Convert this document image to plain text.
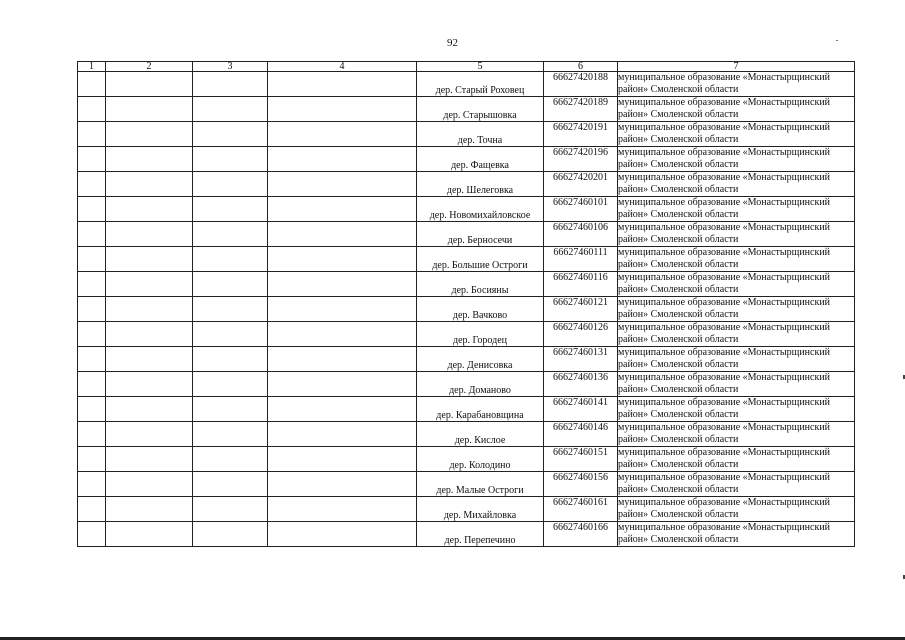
92
1	2	3	4	5	6	7
				дер. Старый Роховец	66627420188	муниципальное образование «Монастырщинский
район» Смоленской области

				дер. Старышовка	66627420189	муниципальное образование «Монастырщинский
район» Смоленской области

				дер. Точна	66627420191	муниципальное образование «Монастырщинский
район» Смоленской области

				дер. Фащевка	66627420196	муниципальное образование «Монастырщинский
район» Смоленской области

				дер. Шелеговка	66627420201	муниципальное образование «Монастырщинский
район» Смоленской области

				дер. Новомихайловское	66627460101	муниципальное образование «Монастырщинский
район» Смоленской области

				дер. Берносечи	66627460106	муниципальное образование «Монастырщинский
район» Смоленской области

				дер. Большие Остроги	66627460111	муниципальное образование «Монастырщинский
район» Смоленской области

				дер. Босияны	66627460116	муниципальное образование «Монастырщинский
район» Смоленской области

				дер. Вачково	66627460121	муниципальное образование «Монастырщинский
район» Смоленской области

				дер. Городец	66627460126	муниципальное образование «Монастырщинский
район» Смоленской области

				дер. Денисовка	66627460131	муниципальное образование «Монастырщинский
район» Смоленской области

				дер. Доманово	66627460136	муниципальное образование «Монастырщинский
район» Смоленской области

				дер. Карабановщина	66627460141	муниципальное образование «Монастырщинский
район» Смоленской области

				дер. Кислое	66627460146	муниципальное образование «Монастырщинский
район» Смоленской области

				дер. Колодино	66627460151	муниципальное образование «Монастырщинский
район» Смоленской области

				дер. Малые Остроги	66627460156	муниципальное образование «Монастырщинский
район» Смоленской области

				дер. Михайловка	66627460161	муниципальное образование «Монастырщинский
район» Смоленской области

				дер. Перепечино	66627460166	муниципальное образование «Монастырщинский
район» Смоленской области
